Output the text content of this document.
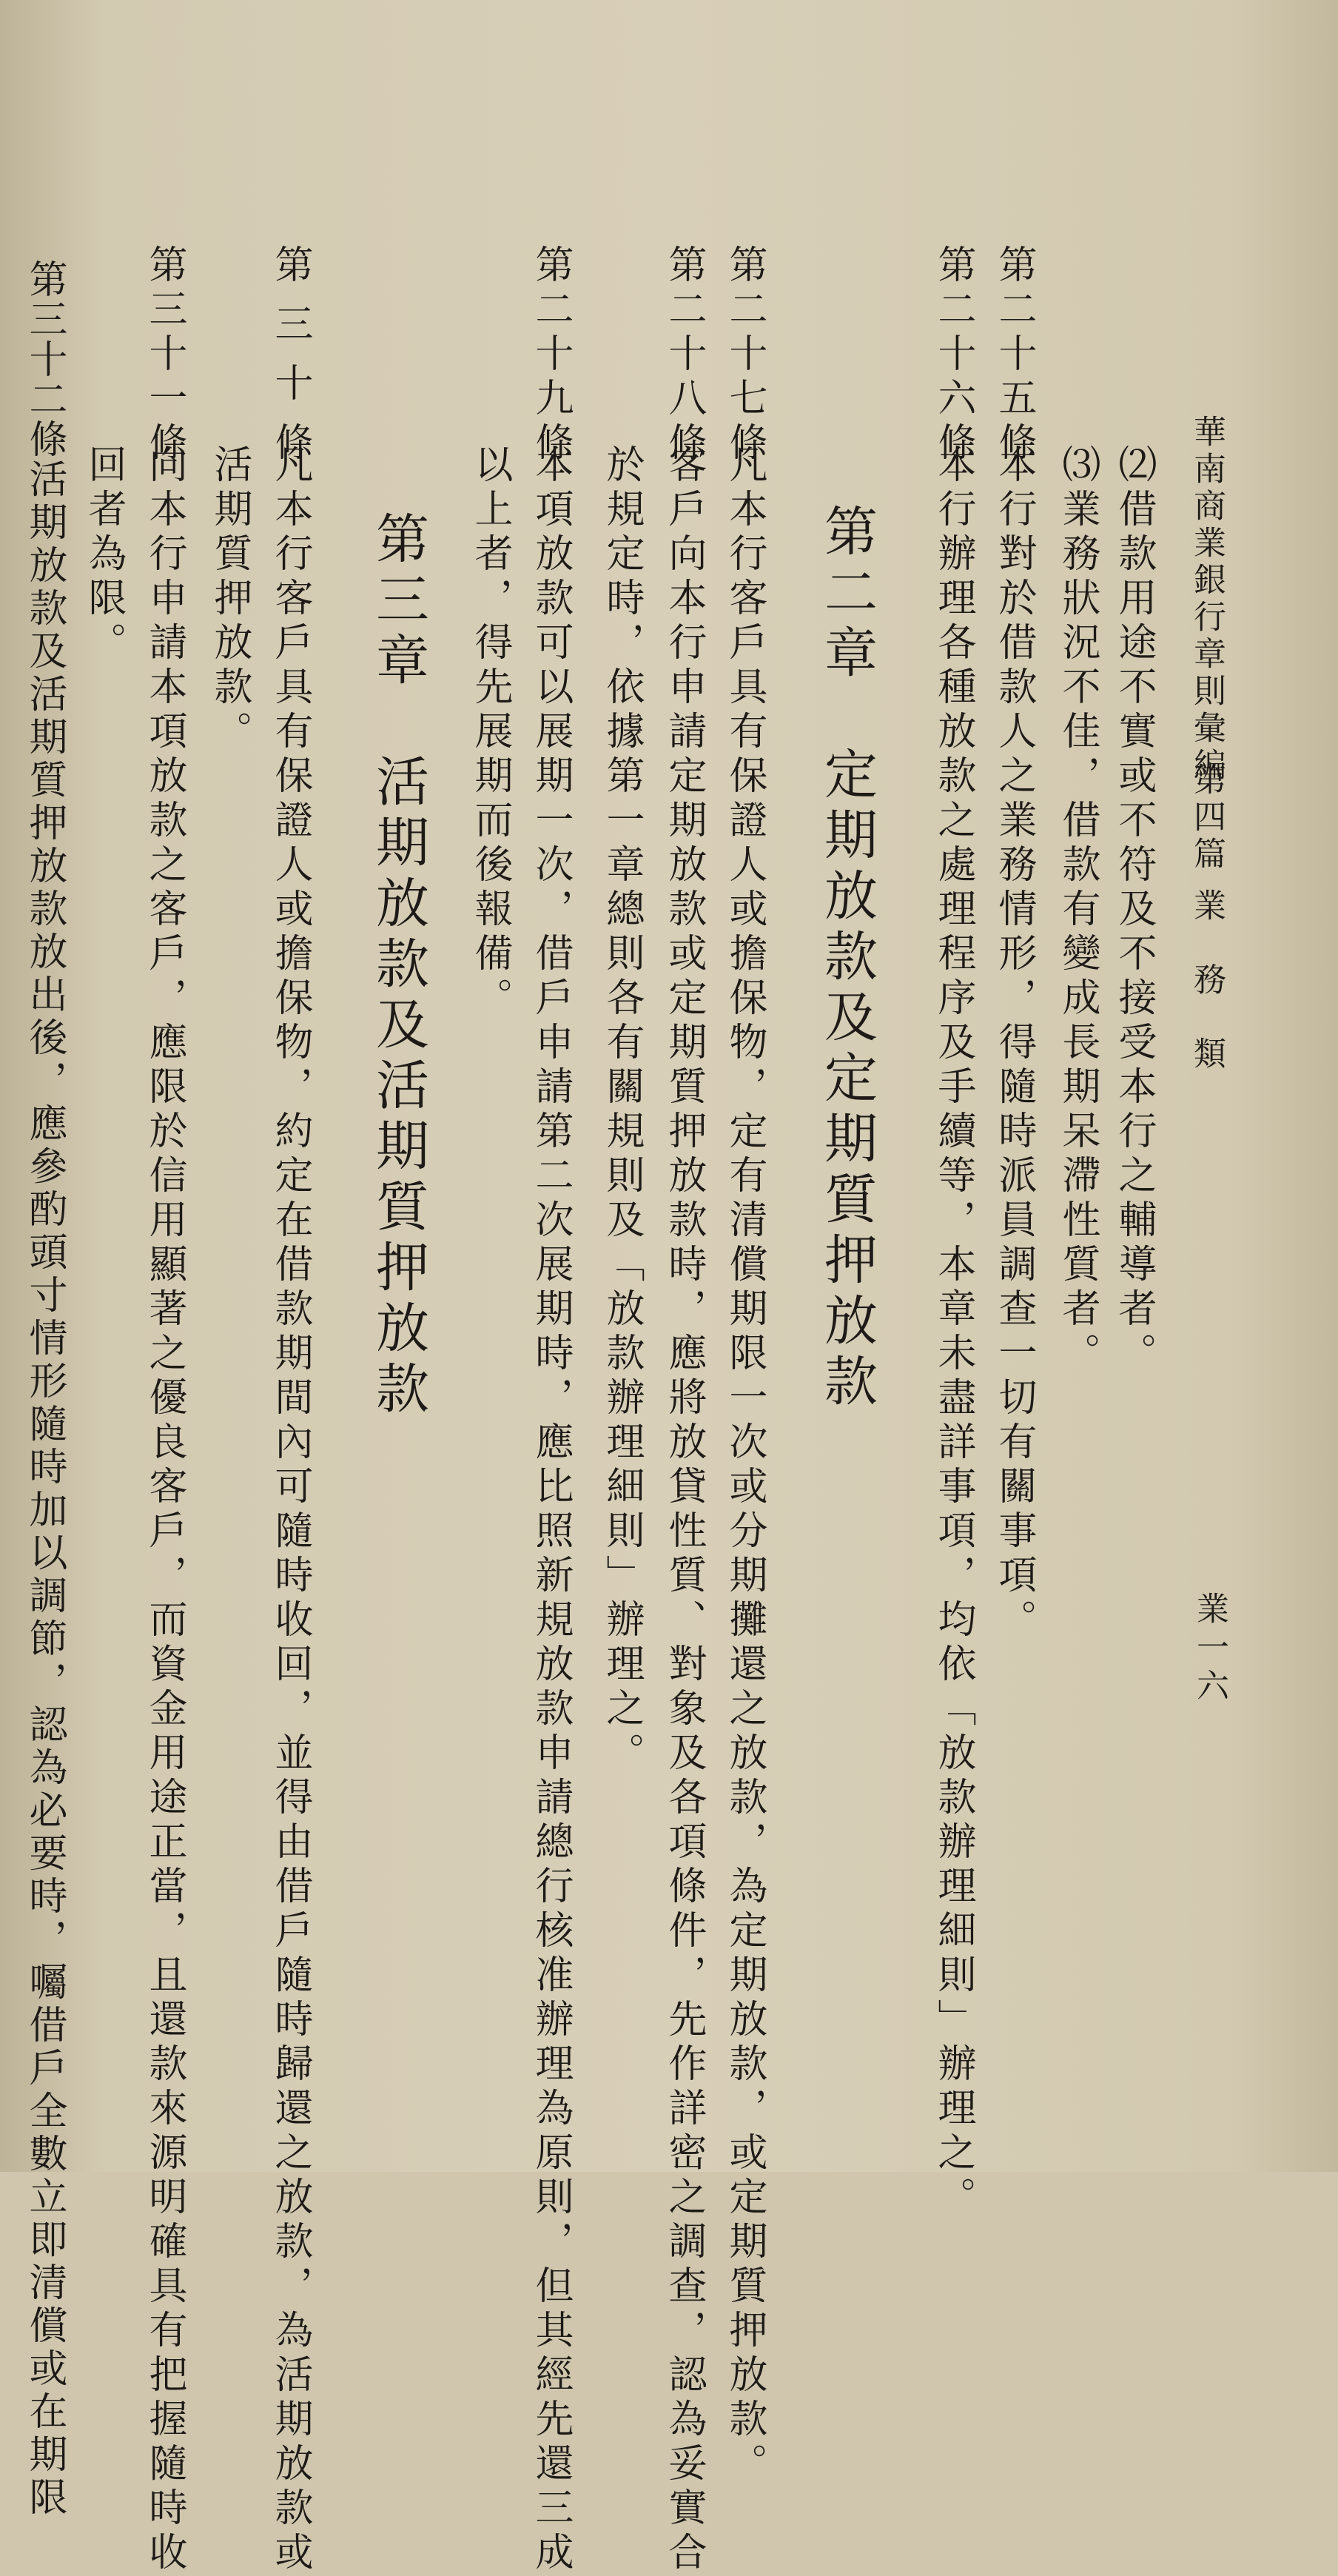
華南商業銀行章則彙編
第四篇
業　務　類
業一六
⑵借款用途不實或不符及不接受本行之輔導者。
⑶業務狀況不佳，借款有變成長期呆滯性質者。
第二十五條
本行對於借款人之業務情形，得隨時派員調查一切有關事項。
第二十六條
本行辦理各種放款之處理程序及手續等，本章未盡詳事項，均依「放款辦理細則」辦理之。
第二章　定期放款及定期質押放款
第二十七條
凡本行客戶具有保證人或擔保物，定有清償期限一次或分期攤還之放款，為定期放款，或定期質押放款。
第二十八條
客戶向本行申請定期放款或定期質押放款時，應將放貸性質、對象及各項條件，先作詳密之調查，認為妥實合
於規定時，依據第一章總則各有關規則及「放款辦理細則」辦理之。
第二十九條
本項放款可以展期一次，借戶申請第二次展期時，應比照新規放款申請總行核准辦理為原則，但其經先還三成
以上者，得先展期而後報備。
第三章　活期放款及活期質押放款
第三十條
凡本行客戶具有保證人或擔保物，約定在借款期間內可隨時收回，並得由借戶隨時歸還之放款，為活期放款或
活期質押放款。
第三十一條
向本行申請本項放款之客戶，應限於信用顯著之優良客戶，而資金用途正當，且還款來源明確具有把握隨時收
回者為限。
第三十二條
活期放款及活期質押放款放出後，應參酌頭寸情形隨時加以調節，認為必要時，囑借戶全數立即清償或在期限
